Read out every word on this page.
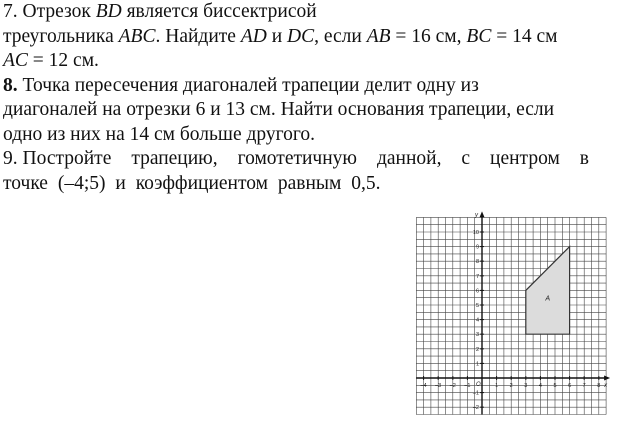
7. Отрезок BD является биссектрисой
треугольника ABC. Найдите AD и DC, если AB = 16 см, BC = 14 см
AC = 12 см.
8. Точка пересечения диагоналей трапеции делит одну из
диагоналей на отрезки 6 и 13 см. Найти основания трапеции, если
одно из них на 14 см больше другого.
9. Постройте трапецию, гомотетичную данной, с центром в
точке (–4;5) и коэффициентом равным 0,5.
A
x
y
O
–4 –3 –2 –1	1 2 3 4 5 6 7 8
–2
–1
1
2
3
4
5
6
7
8
9
10
